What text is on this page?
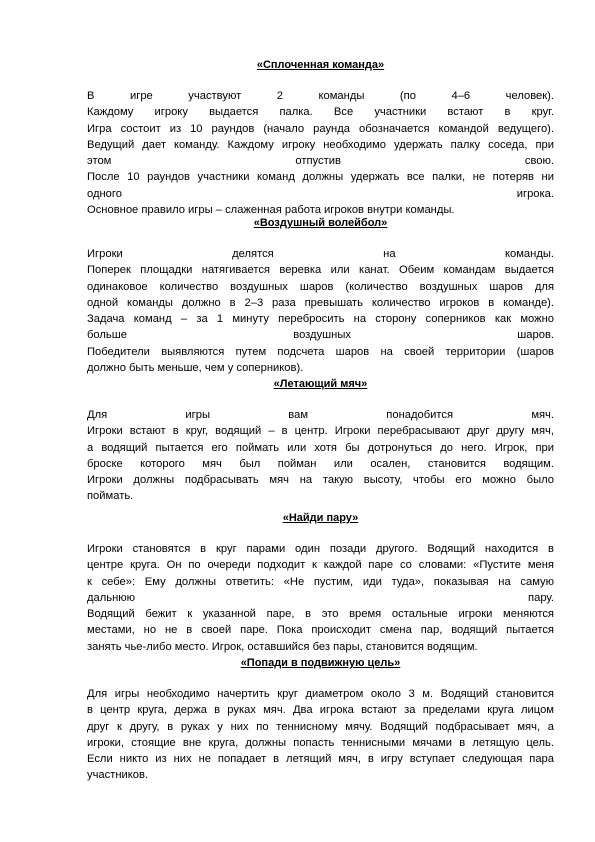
«Сплоченная команда»
В игре участвуют 2 команды (по 4–6 человек).
Каждому игроку выдается палка. Все участники встают в круг.
Игра состоит из 10 раундов (начало раунда обозначается командой ведущего).
Ведущий дает команду. Каждому игроку необходимо удержать палку соседа, при
этом отпустив свою.
После 10 раундов участники команд должны удержать все палки, не потеряв ни
одного игрока.
Основное правило игры – слаженная работа игроков внутри команды.
«Воздушный волейбол»
Игроки делятся на команды.
Поперек площадки натягивается веревка или канат. Обеим командам выдается
одинаковое количество воздушных шаров (количество воздушных шаров для
одной команды должно в 2–3 раза превышать количество игроков в команде).
Задача команд – за 1 минуту перебросить на сторону соперников как можно
больше воздушных шаров.
Победители выявляются путем подсчета шаров на своей территории (шаров
должно быть меньше, чем у соперников).
«Летающий мяч»
Для игры вам понадобится мяч.
Игроки встают в круг, водящий – в центр. Игроки перебрасывают друг другу мяч,
а водящий пытается его поймать или хотя бы дотронуться до него. Игрок, при
броске которого мяч был пойман или осален, становится водящим.
Игроки должны подбрасывать мяч на такую высоту, чтобы его можно было
поймать.
«Найди пару»
Игроки становятся в круг парами один позади другого. Водящий находится в
центре круга. Он по очереди подходит к каждой паре со словами: «Пустите меня
к себе»: Ему должны ответить: «Не пустим, иди туда», показывая на самую
дальнюю пару.
Водящий бежит к указанной паре, в это время остальные игроки меняются
местами, но не в своей паре. Пока происходит смена пар, водящий пытается
занять чье-либо место. Игрок, оставшийся без пары, становится водящим.
«Попади в подвижную цель»
Для игры необходимо начертить круг диаметром около 3 м. Водящий становится
в центр круга, держа в руках мяч. Два игрока встают за пределами круга лицом
друг к другу, в руках у них по теннисному мячу. Водящий подбрасывает мяч, а
игроки, стоящие вне круга, должны попасть теннисными мячами в летящую цель.
Если никто из них не попадает в летящий мяч, в игру вступает следующая пара
участников.
